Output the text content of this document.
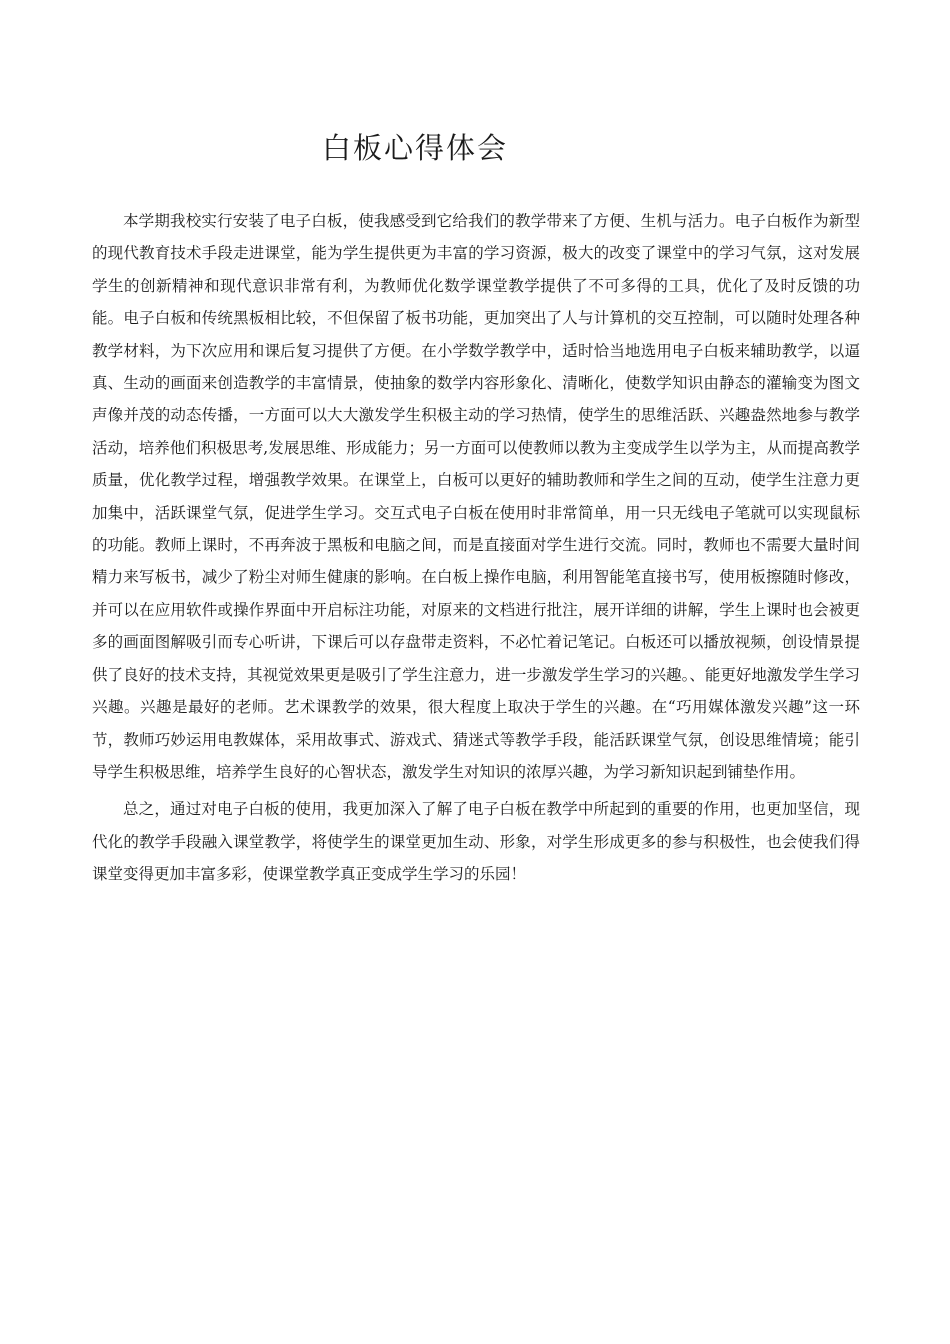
白板心得体会

本学期我校实行安装了电子白板，使我感受到它给我们的教学带来了方便、生机与活力。电子白板作为新型的现代教育技术手段走进课堂，能为学生提供更为丰富的学习资源，极大的改变了课堂中的学习气氛，这对发展学生的创新精神和现代意识非常有利，为教师优化数学课堂教学提供了不可多得的工具，优化了及时反馈的功能。电子白板和传统黑板相比较，不但保留了板书功能，更加突出了人与计算机的交互控制，可以随时处理各种教学材料，为下次应用和课后复习提供了方便。在小学数学教学中，适时恰当地选用电子白板来辅助教学，以逼真、生动的画面来创造教学的丰富情景，使抽象的数学内容形象化、清晰化，使数学知识由静态的灌输变为图文声像并茂的动态传播，一方面可以大大激发学生积极主动的学习热情，使学生的思维活跃、兴趣盎然地参与教学活动，培养他们积极思考,发展思维、形成能力；另一方面可以使教师以教为主变成学生以学为主，从而提高教学质量，优化教学过程，增强教学效果。在课堂上，白板可以更好的辅助教师和学生之间的互动，使学生注意力更加集中，活跃课堂气氛，促进学生学习。交互式电子白板在使用时非常简单，用一只无线电子笔就可以实现鼠标的功能。教师上课时，不再奔波于黑板和电脑之间，而是直接面对学生进行交流。同时，教师也不需要大量时间精力来写板书，减少了粉尘对师生健康的影响。在白板上操作电脑，利用智能笔直接书写，使用板擦随时修改，并可以在应用软件或操作界面中开启标注功能，对原来的文档进行批注，展开详细的讲解，学生上课时也会被更多的画面图解吸引而专心听讲，下课后可以存盘带走资料，不必忙着记笔记。白板还可以播放视频，创设情景提供了良好的技术支持，其视觉效果更是吸引了学生注意力，进一步激发学生学习的兴趣。、能更好地激发学生学习兴趣。兴趣是最好的老师。艺术课教学的效果，很大程度上取决于学生的兴趣。在“巧用媒体激发兴趣”这一环节，教师巧妙运用电教媒体，采用故事式、游戏式、猜迷式等教学手段，能活跃课堂气氛，创设思维情境；能引导学生积极思维，培养学生良好的心智状态，激发学生对知识的浓厚兴趣，为学习新知识起到铺垫作用。

总之，通过对电子白板的使用，我更加深入了解了电子白板在教学中所起到的重要的作用，也更加坚信，现代化的教学手段融入课堂教学，将使学生的课堂更加生动、形象，对学生形成更多的参与积极性，也会使我们得课堂变得更加丰富多彩，使课堂教学真正变成学生学习的乐园！
